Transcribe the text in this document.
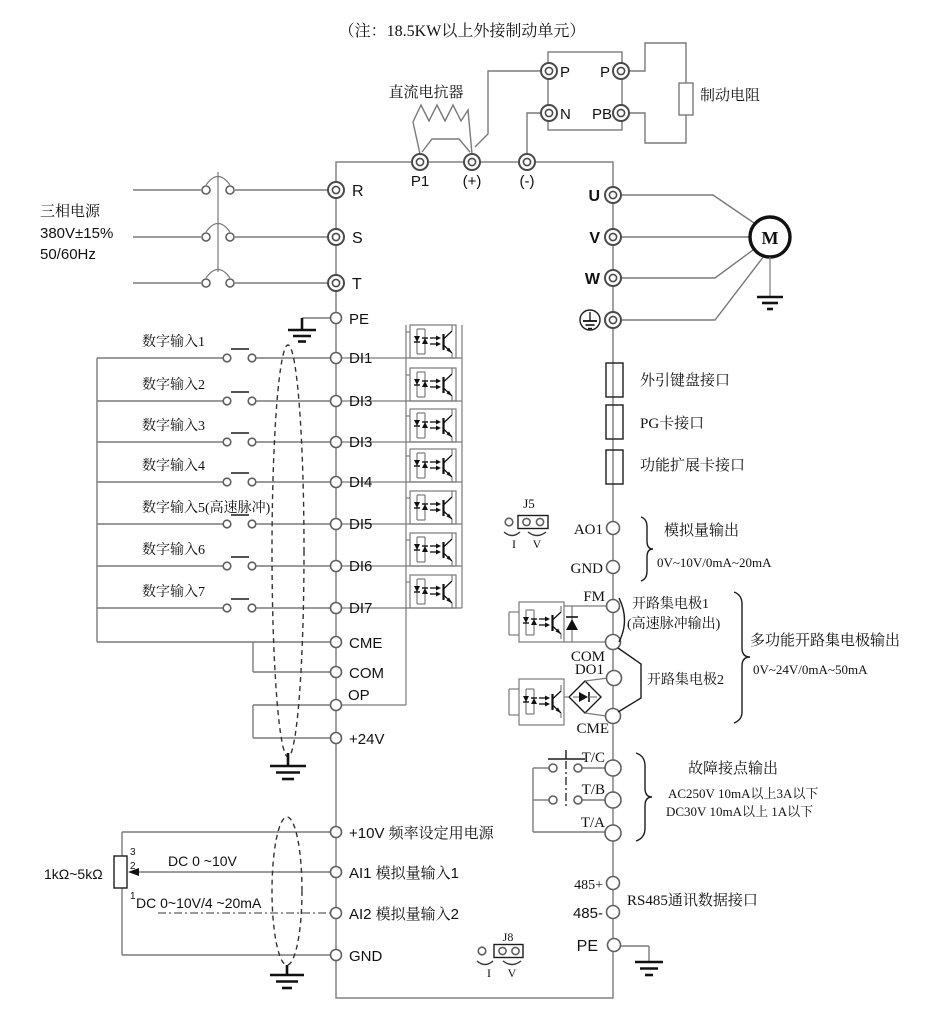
（注：18.5KW以上外接制动单元）
直流电抗器
P
N
P
PB
制动电阻
P1 (+)	(-)
三相电源
380V±15%
50/60Hz
R
S
T
U
V
W
M
PE
数字输入1
DI1
数字输入2
DI3
数字输入3
DI3
数字输入4
DI4
数字输入5(高速脉冲)
DI5
数字输入6
DI6
数字输入7
DI7
CME
COM
OP
+24V
外引键盘接口
PG卡接口
功能扩展卡接口
J5
I V
AO1
GND
模拟量输出
0V~10V/0mA~20mA
FM
COM
DO1
CME
开路集电极1
(高速脉冲输出)
开路集电极2
多功能开路集电极输出
0V~24V/0mA~50mA
T/C
T/B
T/A
故障接点输出
AC250V 10mA以上3A以下
DC30V 10mA以上 1A以下
485+
485-
RS485通讯数据接口
PE
J8
I V
3
2
1
1kΩ~5kΩ
DC 0 ~10V
DC 0~10V/4 ~20mA
+10V 频率设定用电源
AI1 模拟量输入1
AI2 模拟量输入2
GND
